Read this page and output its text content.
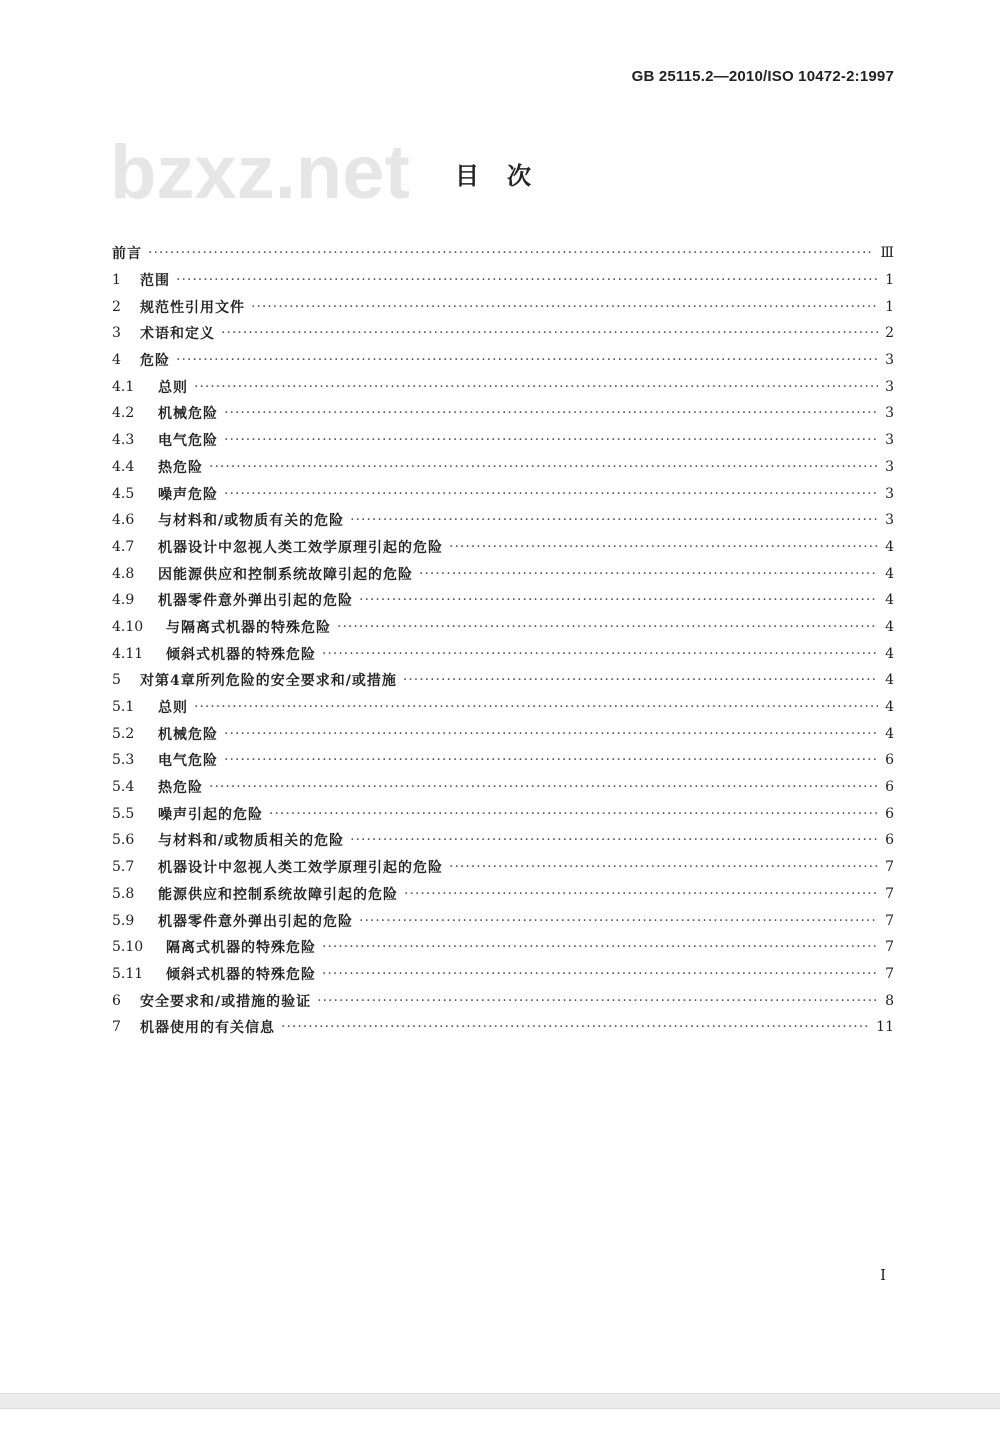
GB 25115.2—2010/ISO 10472-2:1997
bzxz.net 目次
前言 ·····	Ⅲ
1	范围 ·····	1
2	规范性引用文件 ·····	1
3	术语和定义 ·····	2
4	危险 ·····	3
4.1	总则 ·····	3
4.2	机械危险 ·····	3
4.3	电气危险 ·····	3
4.4	热危险 ·····	3
4.5	噪声危险 ·····	3
4.6	与材料和/或物质有关的危险 ·····	3
4.7	机器设计中忽视人类工效学原理引起的危险 ·····	4
4.8	因能源供应和控制系统故障引起的危险 ·····	4
4.9	机器零件意外弹出引起的危险 ·····	4
4.10	与隔离式机器的特殊危险 ·····	4
4.11	倾斜式机器的特殊危险 ·····	4
5	对第4章所列危险的安全要求和/或措施 ·····	4
5.1	总则 ·····	4
5.2	机械危险 ·····	4
5.3	电气危险 ·····	6
5.4	热危险 ·····	6
5.5	噪声引起的危险 ·····	6
5.6	与材料和/或物质相关的危险 ·····	6
5.7	机器设计中忽视人类工效学原理引起的危险 ·····	7
5.8	能源供应和控制系统故障引起的危险 ·····	7
5.9	机器零件意外弹出引起的危险 ·····	7
5.10	隔离式机器的特殊危险 ·····	7
5.11	倾斜式机器的特殊危险 ·····	7
6	安全要求和/或措施的验证 ·····	8
7	机器使用的有关信息 ·····	11
I
